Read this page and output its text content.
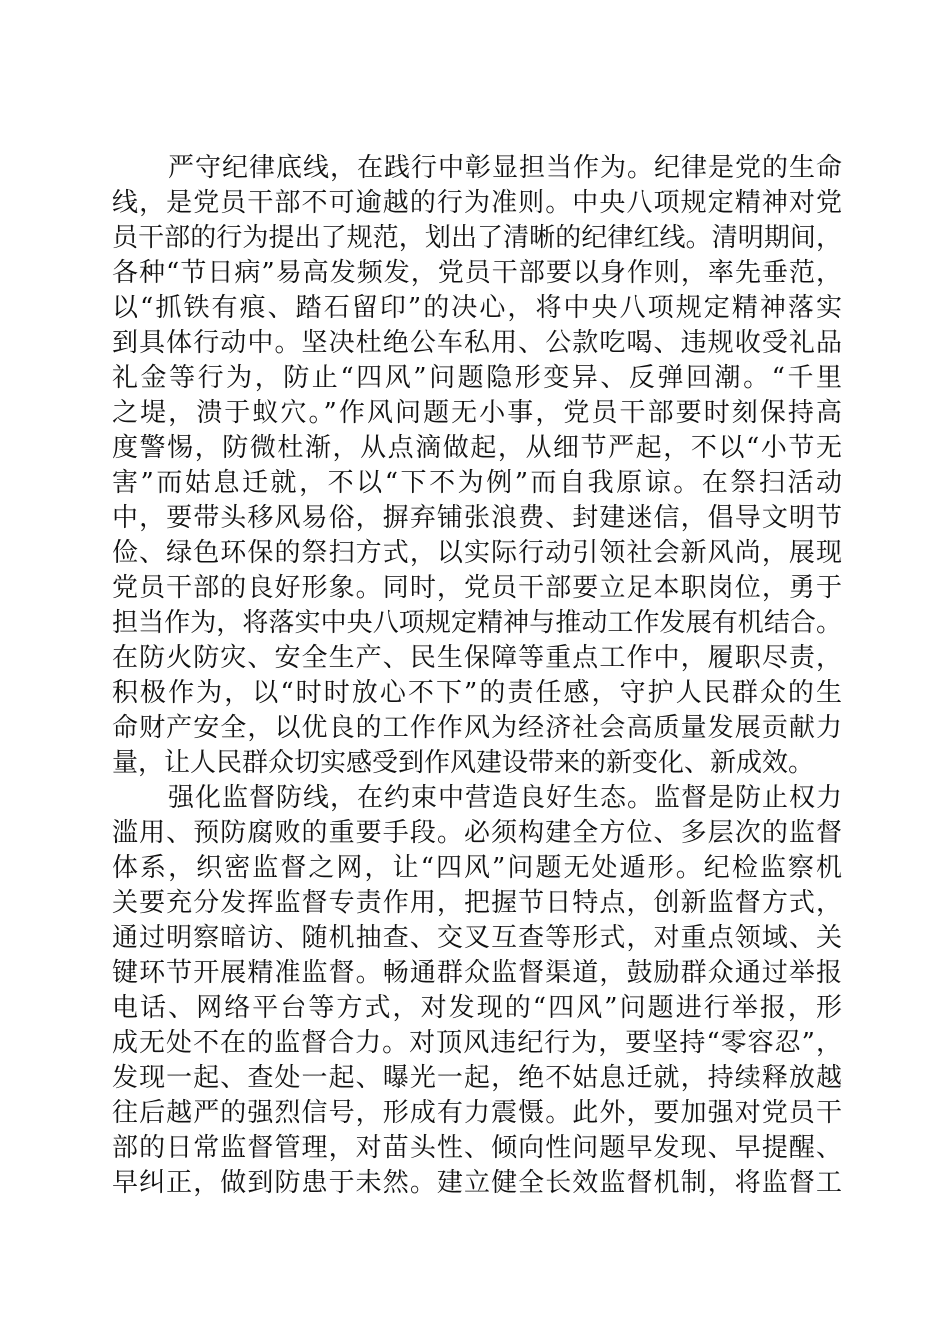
严守纪律底线，在践行中彰显担当作为。纪律是党的生命
线，是党员干部不可逾越的行为准则。中央八项规定精神对党
员干部的行为提出了规范，划出了清晰的纪律红线。清明期间，
各种“节日病”易高发频发，党员干部要以身作则，率先垂范，
以“抓铁有痕、踏石留印”的决心，将中央八项规定精神落实
到具体行动中。坚决杜绝公车私用、公款吃喝、违规收受礼品
礼金等行为，防止“四风”问题隐形变异、反弹回潮。“千里
之堤，溃于蚁穴。”作风问题无小事，党员干部要时刻保持高
度警惕，防微杜渐，从点滴做起，从细节严起，不以“小节无
害”而姑息迁就，不以“下不为例”而自我原谅。在祭扫活动
中，要带头移风易俗，摒弃铺张浪费、封建迷信，倡导文明节
俭、绿色环保的祭扫方式，以实际行动引领社会新风尚，展现
党员干部的良好形象。同时，党员干部要立足本职岗位，勇于
担当作为，将落实中央八项规定精神与推动工作发展有机结合。
在防火防灾、安全生产、民生保障等重点工作中，履职尽责，
积极作为，以“时时放心不下”的责任感，守护人民群众的生
命财产安全，以优良的工作作风为经济社会高质量发展贡献力
量，让人民群众切实感受到作风建设带来的新变化、新成效。
强化监督防线，在约束中营造良好生态。监督是防止权力
滥用、预防腐败的重要手段。必须构建全方位、多层次的监督
体系，织密监督之网，让“四风”问题无处遁形。纪检监察机
关要充分发挥监督专责作用，把握节日特点，创新监督方式，
通过明察暗访、随机抽查、交叉互查等形式，对重点领域、关
键环节开展精准监督。畅通群众监督渠道，鼓励群众通过举报
电话、网络平台等方式，对发现的“四风”问题进行举报，形
成无处不在的监督合力。对顶风违纪行为，要坚持“零容忍”，
发现一起、查处一起、曝光一起，绝不姑息迁就，持续释放越
往后越严的强烈信号，形成有力震慑。此外，要加强对党员干
部的日常监督管理，对苗头性、倾向性问题早发现、早提醒、
早纠正，做到防患于未然。建立健全长效监督机制，将监督工
